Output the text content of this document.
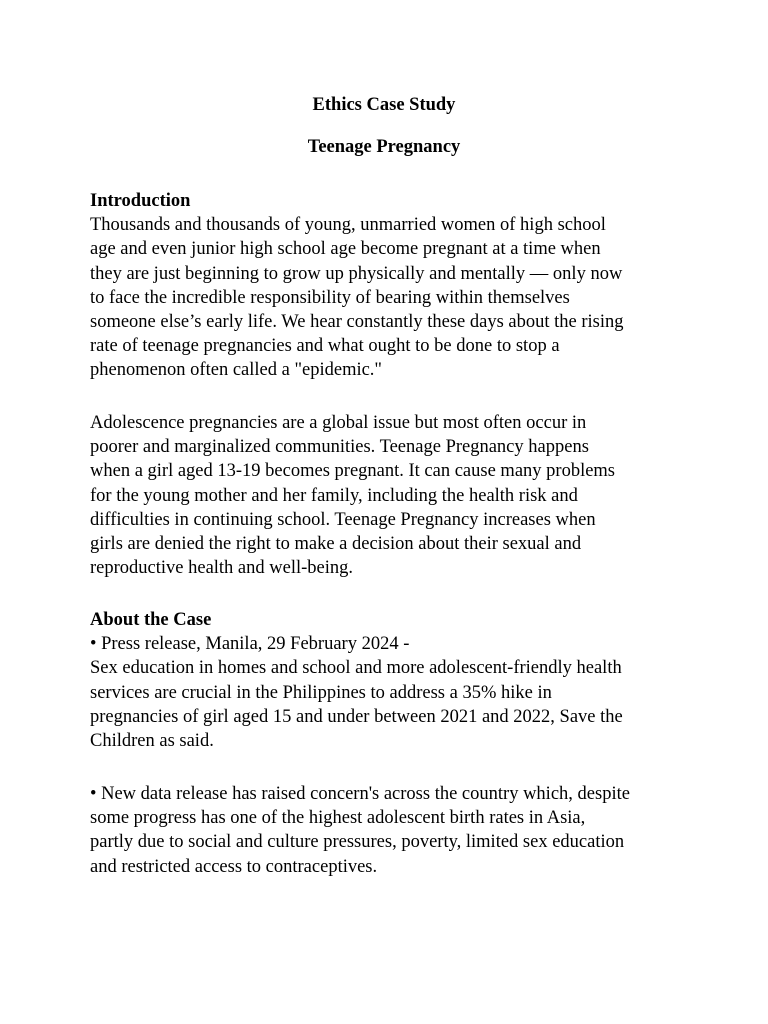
Ethics Case Study
Teenage Pregnancy

Introduction

Thousands and thousands of young, unmarried women of high school
age and even junior high school age become pregnant at a time when
they are just beginning to grow up physically and mentally — only now
to face the incredible responsibility of bearing within themselves
someone else’s early life. We hear constantly these days about the rising
rate of teenage pregnancies and what ought to be done to stop a
phenomenon often called a "epidemic."

Adolescence pregnancies are a global issue but most often occur in
poorer and marginalized communities. Teenage Pregnancy happens
when a girl aged 13-19 becomes pregnant. It can cause many problems
for the young mother and her family, including the health risk and
difficulties in continuing school. Teenage Pregnancy increases when
girls are denied the right to make a decision about their sexual and
reproductive health and well-being.

About the Case

• Press release, Manila, 29 February 2024 -
Sex education in homes and school and more adolescent-friendly health
services are crucial in the Philippines to address a 35% hike in
pregnancies of girl aged 15 and under between 2021 and 2022, Save the
Children as said.

• New data release has raised concern's across the country which, despite
some progress has one of the highest adolescent birth rates in Asia,
partly due to social and culture pressures, poverty, limited sex education
and restricted access to contraceptives.
